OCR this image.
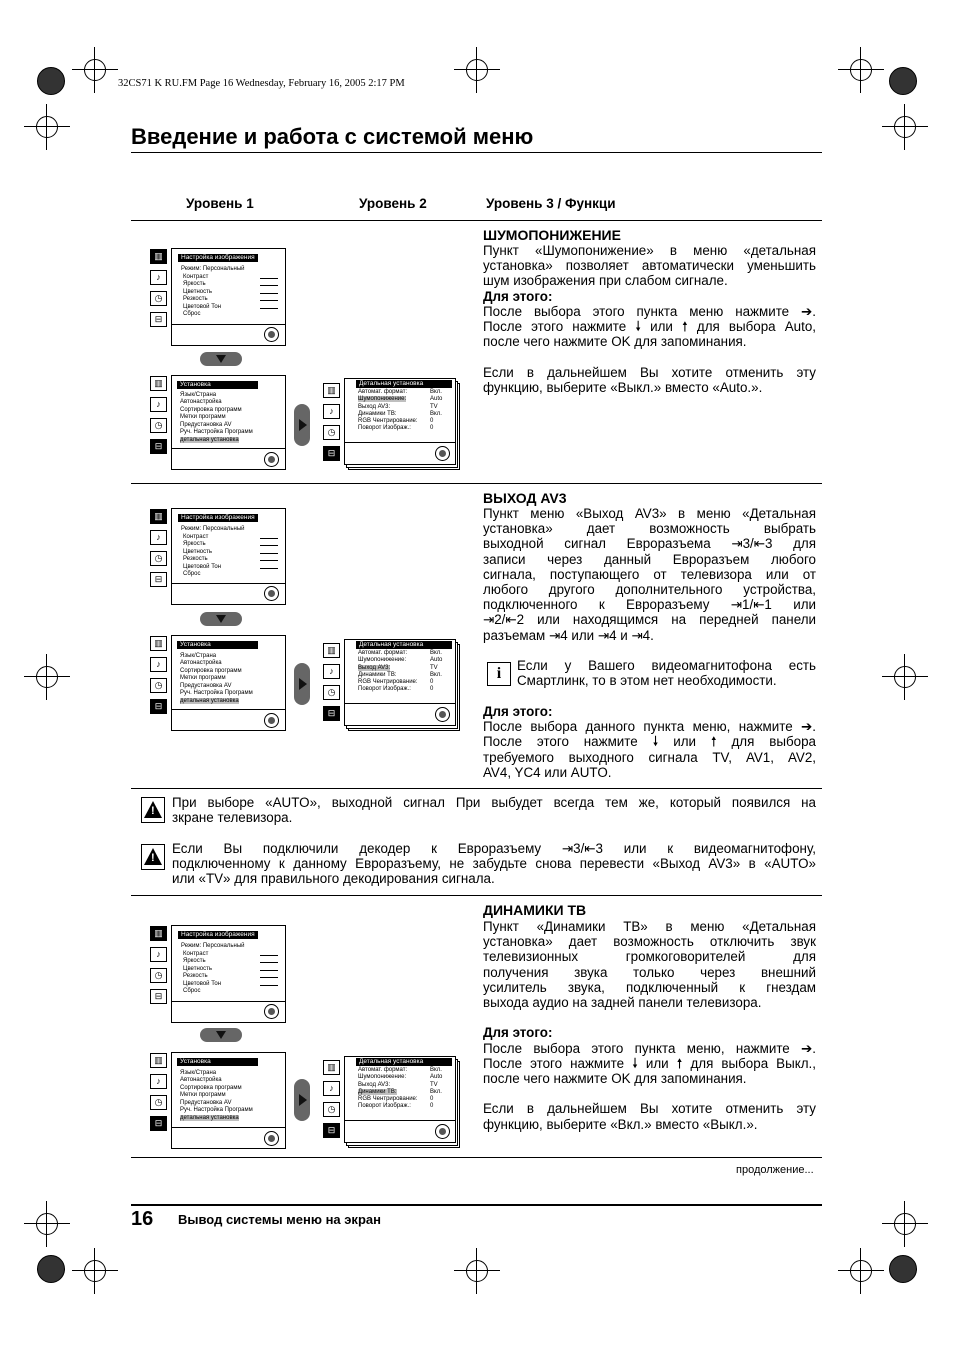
32CS71 K RU.FM Page 16 Wednesday, February 16, 2005 2:17 PM
Введение и работа с системой меню
Уровень 1	Уровень 2	Уровень 3 / Функци
▥
♪
◷
⊟
Настройка изображения
Режим: Персональный
Контраст
Яркость
Цветность
Резкость
Цветовой Тон
Сброс
▥
♪
◷
⊟
Установка
Язык/Страна
Автонастройка
Сортировка программ
Метки программ
Предустановка AV
Руч. Настройка Программ
детальная установка
▥
♪
◷
⊟
Детальная установка
Автомат. формат:
Шумопонижение:
Выход AV3:
Динамики ТВ:
RGB Чентрирование:
Поворот Изображ.:
Вкл.
Auto
TV
Вкл.
0
0
ШУМОПОНИЖЕНИЕ
Пункт «Шумопонижение» в меню «детальная
установка» позволяет автоматически уменьшить
шум изображения при слабом сигнале.
Для этого:
После выбора этого пункта меню нажмите ➔.
После этого нажмите 🠗 или 🠕 для выбора Auto,
после чего нажмите OK для запоминания.

Если в дальнейшем Вы хотите отменить эту
функцию, выберите «Выкл.» вместо «Auto.».
▥
♪
◷
⊟
Настройка изображения
Режим: Персональный
Контраст
Яркость
Цветность
Резкость
Цветовой Тон
Сброс
▥
♪
◷
⊟
Установка
Язык/Страна
Автонастройка
Сортировка программ
Метки программ
Предустановка AV
Руч. Настройка Программ
детальная установка
▥
♪
◷
⊟
Детальная установка
Автомат. формат:
Шумопонижение:
Выход AV3:
Динамики ТВ:
RGB Чентрирование:
Поворот Изображ.:
Вкл.
Auto
TV
Вкл.
0
0
ВЫХОД AV3
Пункт меню «Выход AV3» в меню «Детальная
установка» дает возможность выбрать
выходной сигнал Евроразъема ⇥3/⇤3 для
записи через данный Евроразъем любого
сигнала, поступающего от телевизора или от
любого другого дополнительного устройства,
подключенного к Евроразъему ⇥1/⇤1 или
⇥2/⇤2 или находящимся на передней панели
разъемам ⇥4 или ⇥4 и ⇥4.
i	Если у Вашего видеомагнитофона есть
Смартлинк, то в этом нет необходимости.
Для этого:
После выбора данного пункта меню, нажмите ➔.
После этого нажмите 🠗 или 🠕 для выбора
требуемого выходного сигнала TV, AV1, AV2,
AV4, YC4 или AUTO.
!
При выборе «AUTO», выходной сигнал При выбудет всегда тем же, который появился на
зкране телевизора.
!
Если Вы подключили декодер к Евроразъему ⇥3/⇤3 или к видеомагнитофону,
подключенному к данному Евроразъему, не забудьте снова перевести «Выход AV3» в «AUTO»
или «TV» для правильного декодирования сигнала.
▥
♪
◷
⊟
Настройка изображения
Режим: Персональный
Контраст
Яркость
Цветность
Резкость
Цветовой Тон
Сброс
▥
♪
◷
⊟
Установка
Язык/Страна
Автонастройка
Сортировка программ
Метки программ
Предустановка AV
Руч. Настройка Программ
детальная установка
▥
♪
◷
⊟
Детальная установка
Автомат. формат:
Шумопонижение:
Выход AV3:
Динамики ТВ:
RGB Чентрирование:
Поворот Изображ.:
Вкл.
Auto
TV
Вкл.
0
0
ДИНАМИКИ ТВ
Пункт «Динамики ТВ» в меню «Детальная
установка» дает возможность отключить звук
телевизионных громкоговорителей для
получения звука только через внешний
усилитель звука, подключенный к гнездам
выхода аудио на задней панели телевизора.

Для этого:
После выбора этого пункта меню, нажмите ➔.
После этого нажмите 🠗 или 🠕 для выбора Выкл.,
после чего нажмите OK для запоминания.

Если в дальнейшем Вы хотите отменить эту
функцию, выберите «Вкл.» вместо «Выкл.».
продолжение...
16 Вывод системы меню на экран
